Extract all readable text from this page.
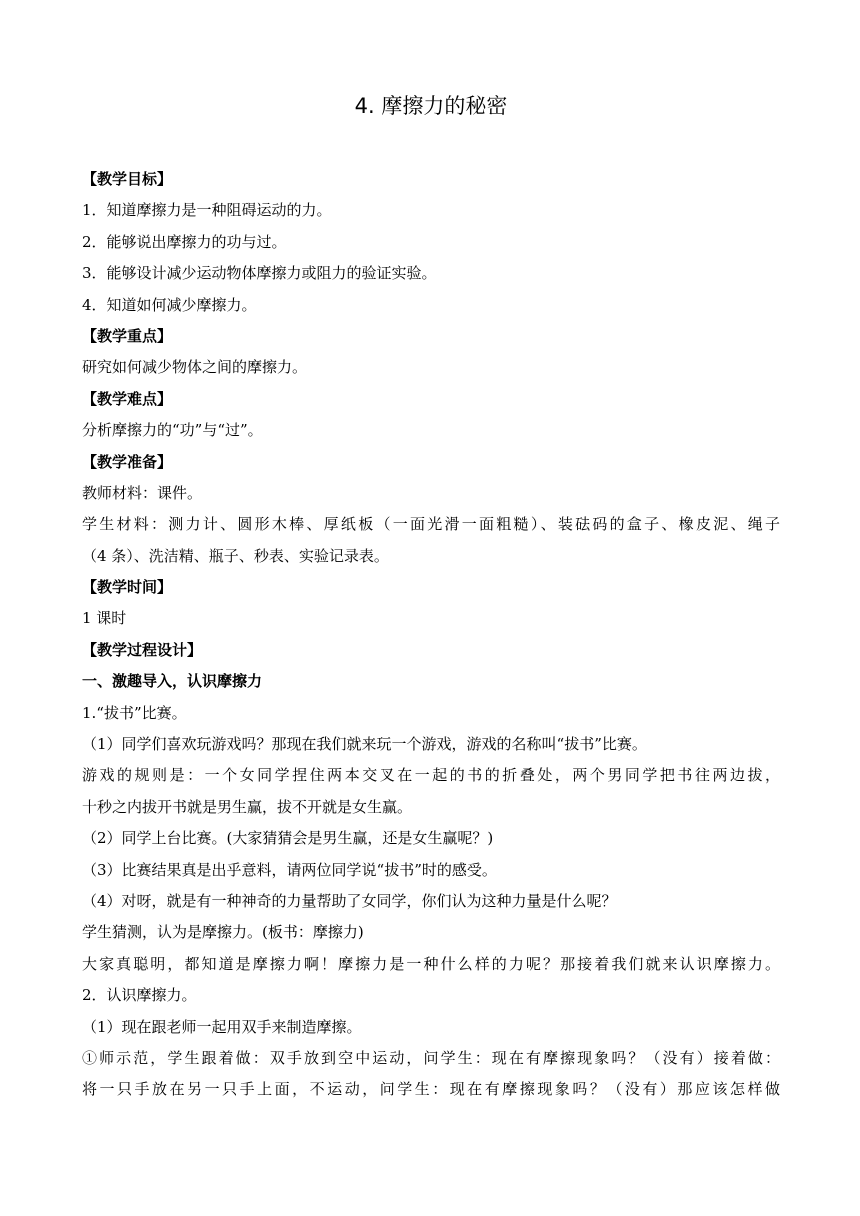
4. 摩擦力的秘密
【教学目标】
1．知道摩擦力是一种阻碍运动的力。
2．能够说出摩擦力的功与过。
3．能够设计减少运动物体摩擦力或阻力的验证实验。
4．知道如何减少摩擦力。
【教学重点】
研究如何减少物体之间的摩擦力。
【教学难点】
分析摩擦力的“功”与“过”。
【教学准备】
教师材料：课件。
学生材料：测力计、圆形木棒、厚纸板（一面光滑一面粗糙）、装砝码的盒子、橡皮泥、绳子
（4 条）、洗洁精、瓶子、秒表、实验记录表。
【教学时间】
1 课时
【教学过程设计】
一、激趣导入，认识摩擦力
1.“拔书”比赛。
（1）同学们喜欢玩游戏吗？那现在我们就来玩一个游戏，游戏的名称叫“拔书”比赛。
游戏的规则是：一个女同学捏住两本交叉在一起的书的折叠处，两个男同学把书往两边拔，
十秒之内拔开书就是男生赢，拔不开就是女生赢。
（2）同学上台比赛。(大家猜猜会是男生赢，还是女生赢呢？)
（3）比赛结果真是出乎意料，请两位同学说“拔书”时的感受。
（4）对呀，就是有一种神奇的力量帮助了女同学，你们认为这种力量是什么呢？
学生猜测，认为是摩擦力。(板书：摩擦力)
大家真聪明，都知道是摩擦力啊！摩擦力是一种什么样的力呢？那接着我们就来认识摩擦力。
2．认识摩擦力。
（1）现在跟老师一起用双手来制造摩擦。
①师示范，学生跟着做：双手放到空中运动，问学生：现在有摩擦现象吗？（没有）接着做：
将一只手放在另一只手上面，不运动，问学生：现在有摩擦现象吗？（没有）那应该怎样做
